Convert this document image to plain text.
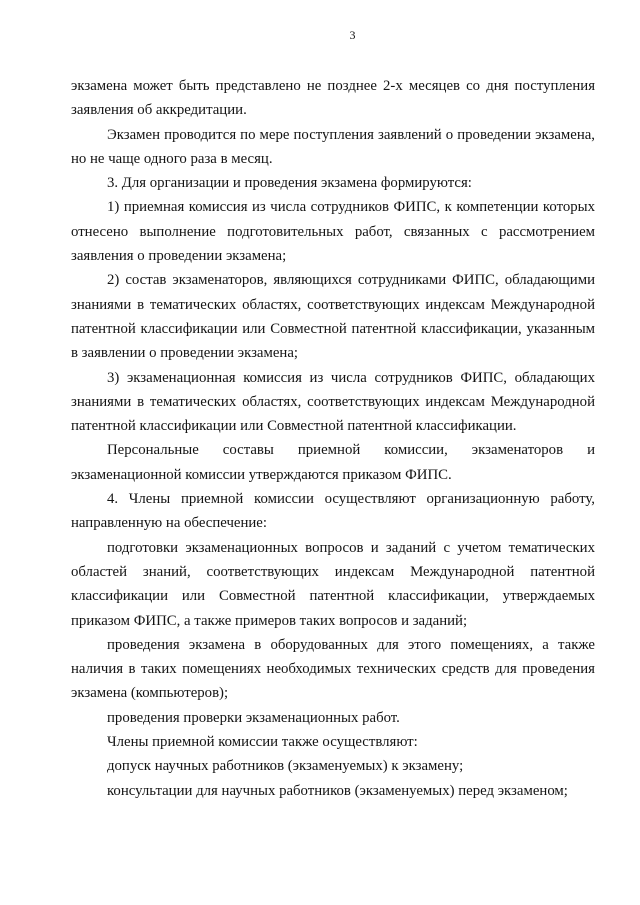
3

экзамена может быть представлено не позднее 2-х месяцев со дня поступления заявления об аккредитации.

Экзамен проводится по мере поступления заявлений о проведении экзамена, но не чаще одного раза в месяц.

3. Для организации и проведения экзамена формируются:

1) приемная комиссия из числа сотрудников ФИПС, к компетенции которых отнесено выполнение подготовительных работ, связанных с рассмотрением заявления о проведении экзамена;

2) состав экзаменаторов, являющихся сотрудниками ФИПС, обладающими знаниями в тематических областях, соответствующих индексам Международной патентной классификации или Совместной патентной классификации, указанным в заявлении о проведении экзамена;

3) экзаменационная комиссия из числа сотрудников ФИПС, обладающих знаниями в тематических областях, соответствующих индексам Международной патентной классификации или Совместной патентной классификации.

Персональные составы приемной комиссии, экзаменаторов и экзаменационной комиссии утверждаются приказом ФИПС.

4. Члены приемной комиссии осуществляют организационную работу, направленную на обеспечение:

подготовки экзаменационных вопросов и заданий с учетом тематических областей знаний, соответствующих индексам Международной патентной классификации или Совместной патентной классификации, утверждаемых приказом ФИПС, а также примеров таких вопросов и заданий;

проведения экзамена в оборудованных для этого помещениях, а также наличия в таких помещениях необходимых технических средств для проведения экзамена (компьютеров);

проведения проверки экзаменационных работ.

Члены приемной комиссии также осуществляют:

допуск научных работников (экзаменуемых) к экзамену;

консультации для научных работников (экзаменуемых) перед экзаменом;
